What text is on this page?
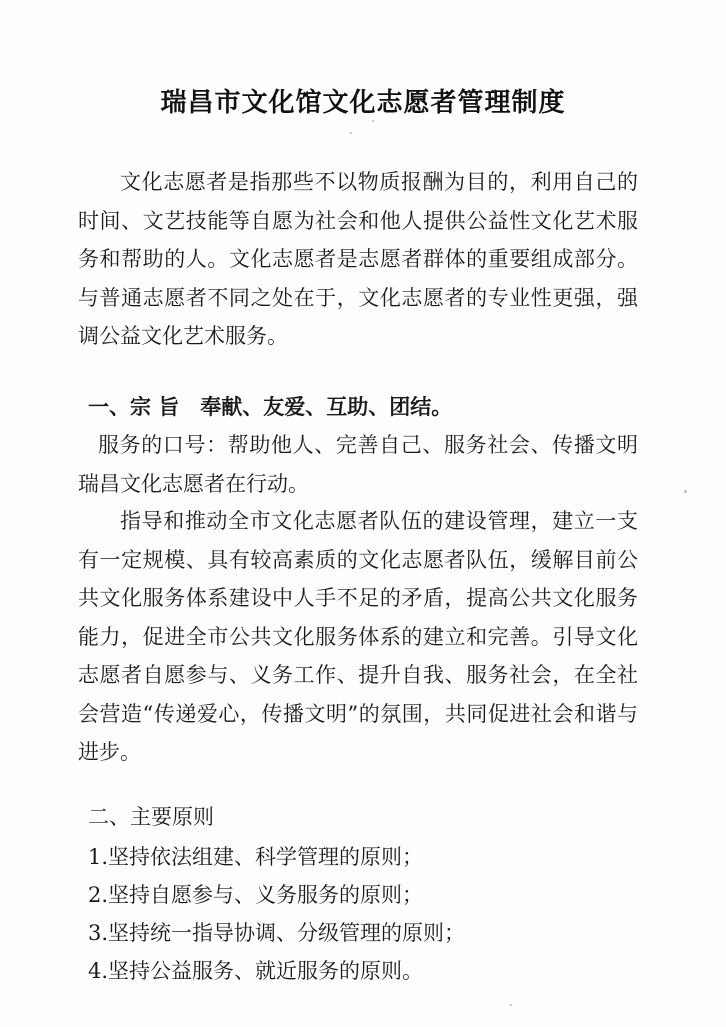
瑞昌市文化馆文化志愿者管理制度

文化志愿者是指那些不以物质报酬为目的，利用自己的时间、文艺技能等自愿为社会和他人提供公益性文化艺术服务和帮助的人。文化志愿者是志愿者群体的重要组成部分。与普通志愿者不同之处在于，文化志愿者的专业性更强，强调公益文化艺术服务。

一、宗 旨　奉献、友爱、互助、团结。

服务的口号：帮助他人、完善自己、服务社会、传播文明 瑞昌文化志愿者在行动。

指导和推动全市文化志愿者队伍的建设管理，建立一支有一定规模、具有较高素质的文化志愿者队伍，缓解目前公共文化服务体系建设中人手不足的矛盾，提高公共文化服务能力，促进全市公共文化服务体系的建立和完善。引导文化志愿者自愿参与、义务工作、提升自我、服务社会，在全社会营造“传递爱心，传播文明”的氛围，共同促进社会和谐与进步。

二、主要原则

1.坚持依法组建、科学管理的原则；

2.坚持自愿参与、义务服务的原则；

3.坚持统一指导协调、分级管理的原则；

4.坚持公益服务、就近服务的原则。
